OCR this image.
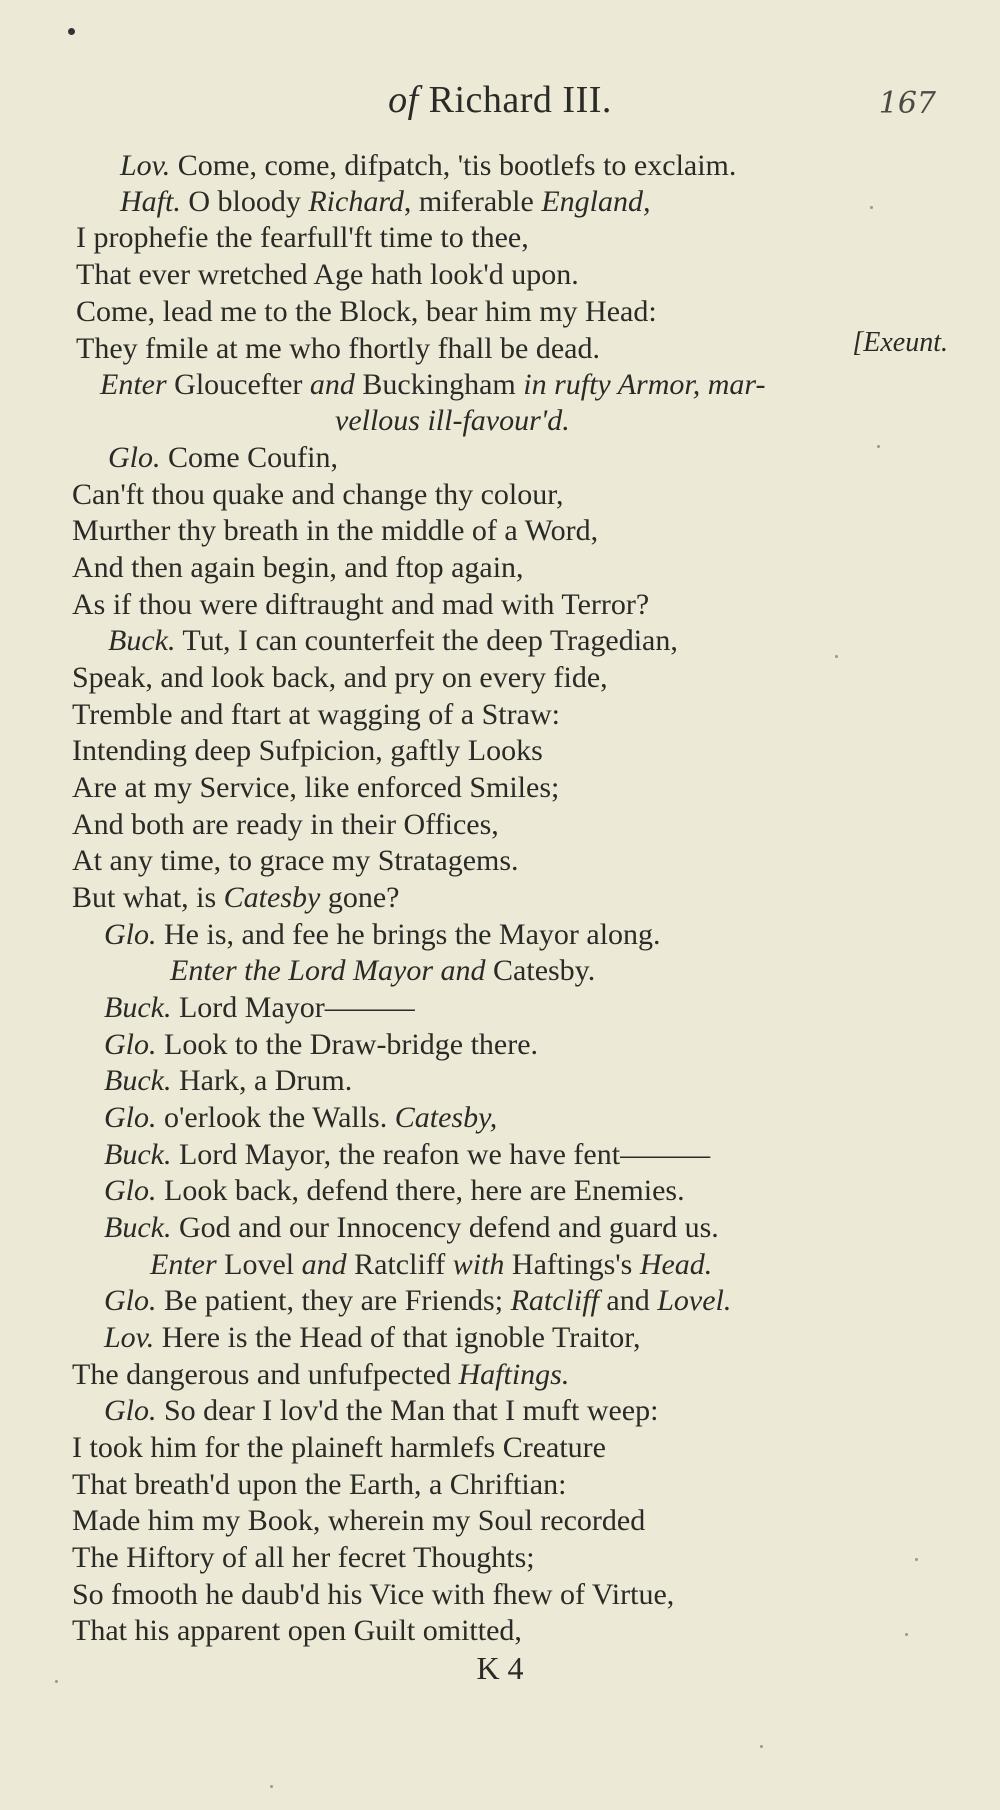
of Richard III.	167
Lov. Come, come, difpatch, 'tis bootlefs to exclaim.
Haft. O bloody Richard, miferable England,
I prophefie the fearfull'ft time to thee,
That ever wretched Age hath look'd upon.
Come, lead me to the Block, bear him my Head:
They fmile at me who fhortly fhall be dead.
Enter Gloucefter and Buckingham in rufty Armor, mar-
vellous ill-favour'd.
Glo. Come Coufin,
Can'ft thou quake and change thy colour,
Murther thy breath in the middle of a Word,
And then again begin, and ftop again,
As if thou were diftraught and mad with Terror?
Buck. Tut, I can counterfeit the deep Tragedian,
Speak, and look back, and pry on every fide,
Tremble and ftart at wagging of a Straw:
Intending deep Sufpicion, gaftly Looks
Are at my Service, like enforced Smiles;
And both are ready in their Offices,
At any time, to grace my Stratagems.
But what, is Catesby gone?
Glo. He is, and fee he brings the Mayor along.
Enter the Lord Mayor and Catesby.
Buck. Lord Mayor———
Glo. Look to the Draw-bridge there.
Buck. Hark, a Drum.
Glo. o'erlook the Walls. Catesby,
Buck. Lord Mayor, the reafon we have fent———
Glo. Look back, defend there, here are Enemies.
Buck. God and our Innocency defend and guard us.
Enter Lovel and Ratcliff with Haftings's Head.
Glo. Be patient, they are Friends; Ratcliff and Lovel.
Lov. Here is the Head of that ignoble Traitor,
The dangerous and unfufpected Haftings.
Glo. So dear I lov'd the Man that I muft weep:
I took him for the plaineft harmlefs Creature
That breath'd upon the Earth, a Chriftian:
Made him my Book, wherein my Soul recorded
The Hiftory of all her fecret Thoughts;
So fmooth he daub'd his Vice with fhew of Virtue,
That his apparent open Guilt omitted,
[Exeunt.
K 4
